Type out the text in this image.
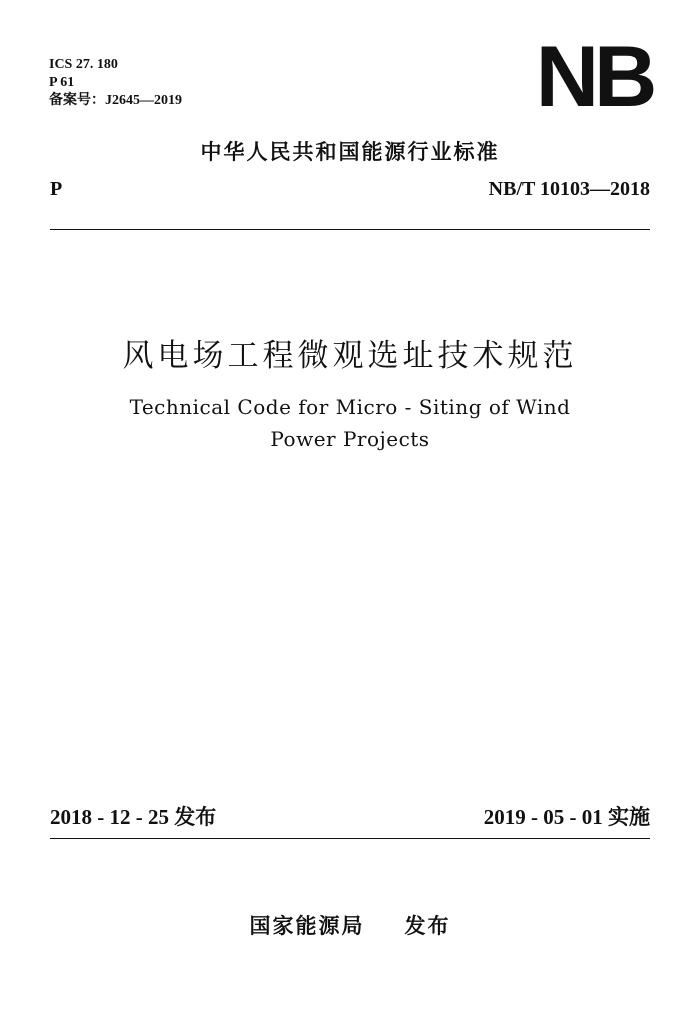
ICS 27. 180
P 61
备案号：J2645—2019	NB
中华人民共和国能源行业标准
P	NB/T 10103—2018
风电场工程微观选址技术规范
Technical Code for Micro - Siting of Wind
Power Projects
2018 - 12 - 25 发布	2019 - 05 - 01 实施
国家能源局 发布
